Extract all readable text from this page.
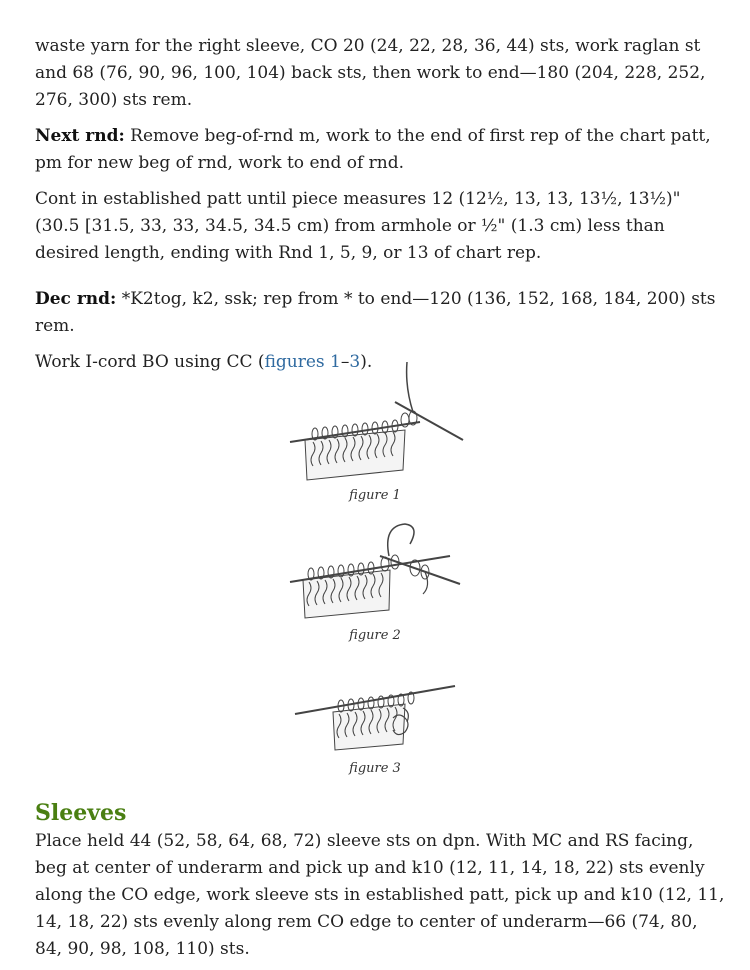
waste yarn for the right sleeve, CO 20 (24, 22, 28, 36, 44) sts, work raglan st and 68 (76, 90, 96, 100, 104) back sts, then work to end—180 (204, 228, 252, 276, 300) sts rem.

Next rnd: Remove beg-of-rnd m, work to the end of first rep of the chart patt, pm for new beg of rnd, work to end of rnd.

Cont in established patt until piece measures 12 (12½, 13, 13, 13½, 13½)" (30.5 [31.5, 33, 33, 34.5, 34.5 cm) from armhole or ½" (1.3 cm) less than desired length, ending with Rnd 1, 5, 9, or 13 of chart rep.

Dec rnd: *K2tog, k2, ssk; rep from * to end—120 (136, 152, 168, 184, 200) sts rem.

Work I-cord BO using CC (figures 1–3).

figure 1
figure 2
figure 3
Sleeves

Place held 44 (52, 58, 64, 68, 72) sleeve sts on dpn. With MC and RS facing, beg at center of underarm and pick up and k10 (12, 11, 14, 18, 22) sts evenly along the CO edge, work sleeve sts in established patt, pick up and k10 (12, 11, 14, 18, 22) sts evenly along rem CO edge to center of underarm—66 (74, 80, 84, 90, 98, 108, 110) sts.
